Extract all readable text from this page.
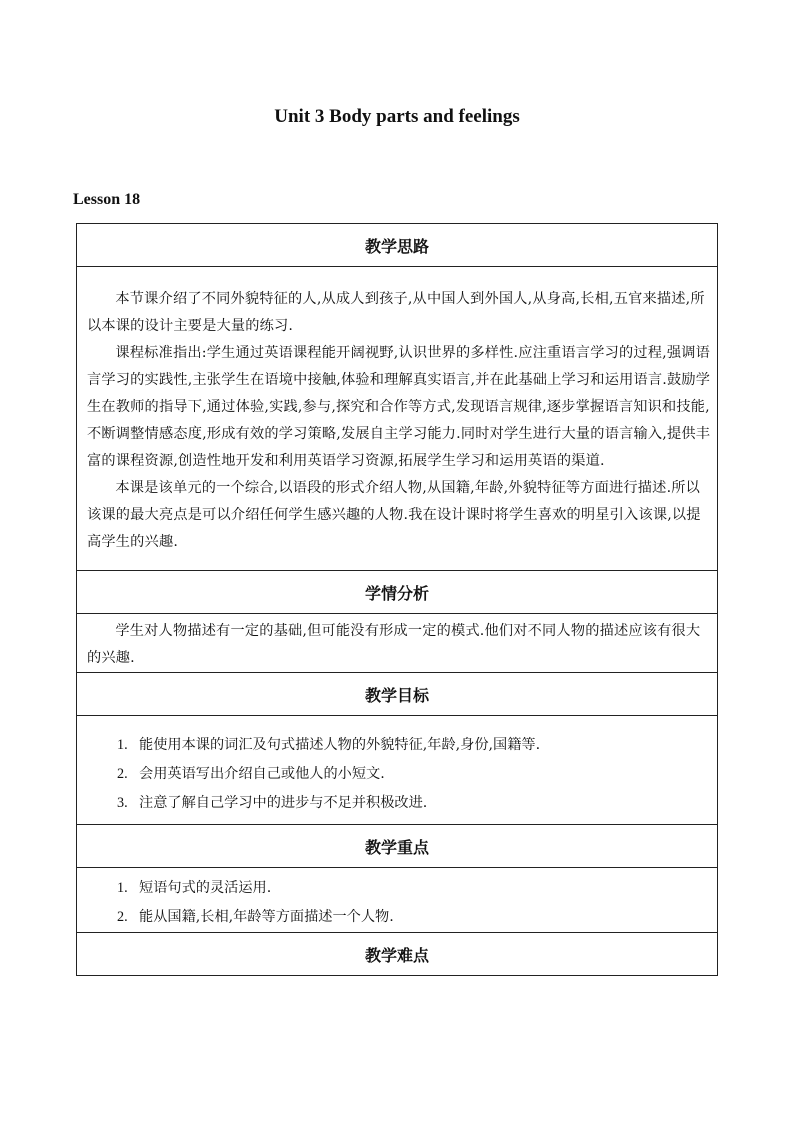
Unit 3 Body parts and feelings
Lesson 18
教学思路

本节课介绍了不同外貌特征的人,从成人到孩子,从中国人到外国人,从身高,长相,五官来描述,所以本课的设计主要是大量的练习.

课程标准指出:学生通过英语课程能开阔视野,认识世界的多样性.应注重语言学习的过程,强调语言学习的实践性,主张学生在语境中接触,体验和理解真实语言,并在此基础上学习和运用语言.鼓励学生在教师的指导下,通过体验,实践,参与,探究和合作等方式,发现语言规律,逐步掌握语言知识和技能,不断调整情感态度,形成有效的学习策略,发展自主学习能力.同时对学生进行大量的语言输入,提供丰富的课程资源,创造性地开发和利用英语学习资源,拓展学生学习和运用英语的渠道.

本课是该单元的一个综合,以语段的形式介绍人物,从国籍,年龄,外貌特征等方面进行描述.所以该课的最大亮点是可以介绍任何学生感兴趣的人物.我在设计课时将学生喜欢的明星引入该课,以提高学生的兴趣.

学情分析

学生对人物描述有一定的基础,但可能没有形成一定的模式.他们对不同人物的描述应该有很大的兴趣.

教学目标

1. 能使用本课的词汇及句式描述人物的外貌特征,年龄,身份,国籍等.
2. 会用英语写出介绍自己或他人的小短文.
3. 注意了解自己学习中的进步与不足并积极改进.

教学重点

1. 短语句式的灵活运用.
2. 能从国籍,长相,年龄等方面描述一个人物.

教学难点
